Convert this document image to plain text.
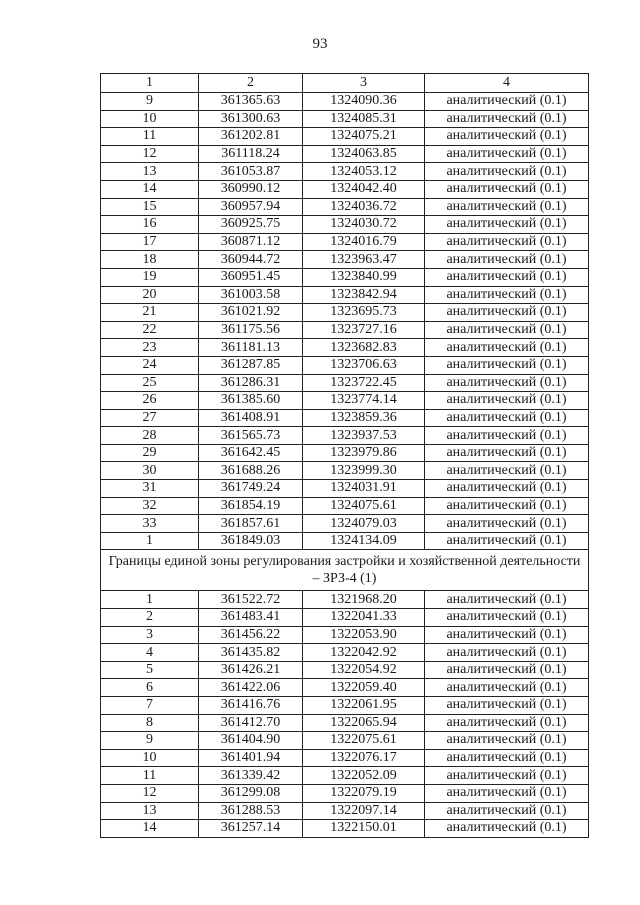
93
1	2	3	4
9	361365.63	1324090.36	аналитический (0.1)
10	361300.63	1324085.31	аналитический (0.1)
11	361202.81	1324075.21	аналитический (0.1)
12	361118.24	1324063.85	аналитический (0.1)
13	361053.87	1324053.12	аналитический (0.1)
14	360990.12	1324042.40	аналитический (0.1)
15	360957.94	1324036.72	аналитический (0.1)
16	360925.75	1324030.72	аналитический (0.1)
17	360871.12	1324016.79	аналитический (0.1)
18	360944.72	1323963.47	аналитический (0.1)
19	360951.45	1323840.99	аналитический (0.1)
20	361003.58	1323842.94	аналитический (0.1)
21	361021.92	1323695.73	аналитический (0.1)
22	361175.56	1323727.16	аналитический (0.1)
23	361181.13	1323682.83	аналитический (0.1)
24	361287.85	1323706.63	аналитический (0.1)
25	361286.31	1323722.45	аналитический (0.1)
26	361385.60	1323774.14	аналитический (0.1)
27	361408.91	1323859.36	аналитический (0.1)
28	361565.73	1323937.53	аналитический (0.1)
29	361642.45	1323979.86	аналитический (0.1)
30	361688.26	1323999.30	аналитический (0.1)
31	361749.24	1324031.91	аналитический (0.1)
32	361854.19	1324075.61	аналитический (0.1)
33	361857.61	1324079.03	аналитический (0.1)
1	361849.03	1324134.09	аналитический (0.1)
Границы единой зоны регулирования застройки и хозяйственной деятельности – ЗРЗ-4 (1)			
1	361522.72	1321968.20	аналитический (0.1)
2	361483.41	1322041.33	аналитический (0.1)
3	361456.22	1322053.90	аналитический (0.1)
4	361435.82	1322042.92	аналитический (0.1)
5	361426.21	1322054.92	аналитический (0.1)
6	361422.06	1322059.40	аналитический (0.1)
7	361416.76	1322061.95	аналитический (0.1)
8	361412.70	1322065.94	аналитический (0.1)
9	361404.90	1322075.61	аналитический (0.1)
10	361401.94	1322076.17	аналитический (0.1)
11	361339.42	1322052.09	аналитический (0.1)
12	361299.08	1322079.19	аналитический (0.1)
13	361288.53	1322097.14	аналитический (0.1)
14	361257.14	1322150.01	аналитический (0.1)
